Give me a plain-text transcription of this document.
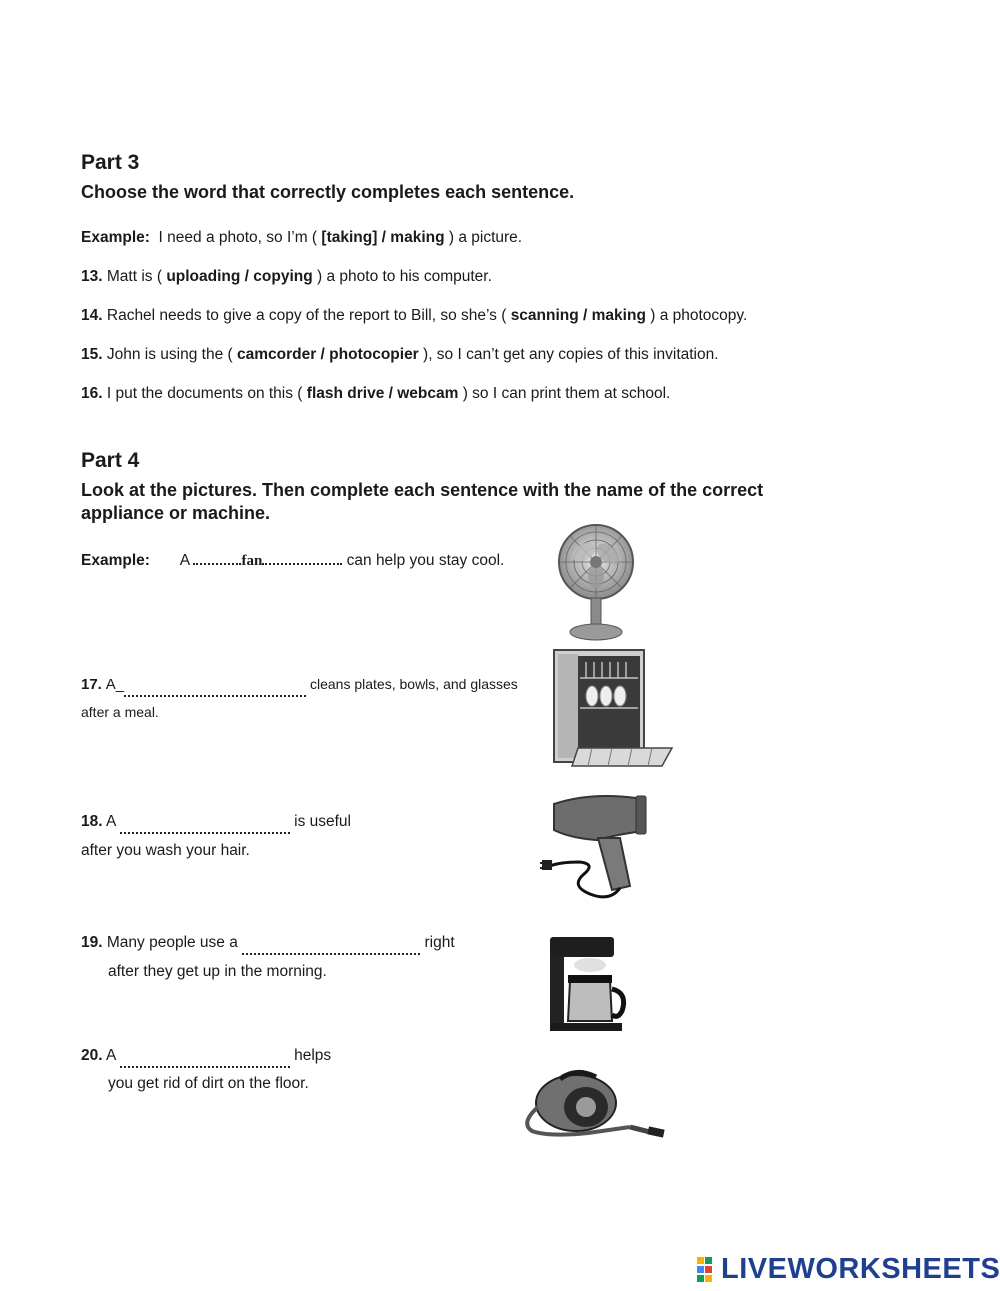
Part 3
Choose the word that correctly completes each sentence.
Example: I need a photo, so I’m ( [taking] / making ) a picture.
13. Matt is ( uploading / copying ) a photo to his computer.
14. Rachel needs to give a copy of the report to Bill, so she’s ( scanning / making ) a photocopy.
15. John is using the ( camcorder / photocopier ), so I can’t get any copies of this invitation.
16. I put the documents on this ( flash drive / webcam ) so I can print them at school.
Part 4
Look at the pictures. Then complete each sentence with the name of the correct
appliance or machine.
Example: A	fan	can help you stay cool.
17. A_	cleans plates, bowls, and glasses
after a meal.
18. A	is useful
after you wash your hair.
19. Many people use a	right
after they get up in the morning.
20. A	helps
you get rid of dirt on the floor.
LIVEWORKSHEETS
